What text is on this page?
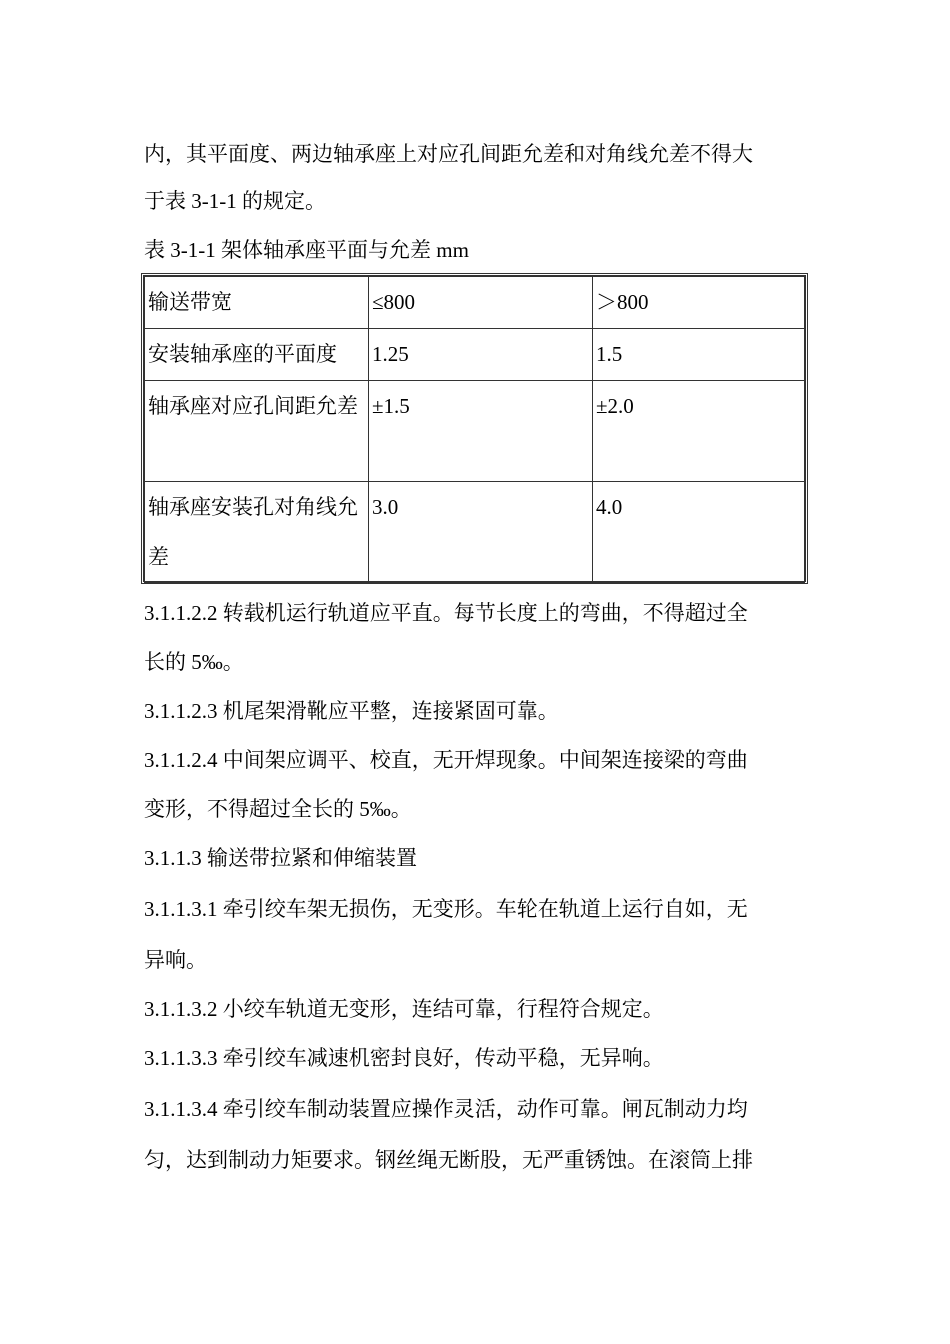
内，其平面度、两边轴承座上对应孔间距允差和对角线允差不得大

于表 3-1-1 的规定。

表 3-1-1 架体轴承座平面与允差 mm
输送带宽	≤800	＞800
安装轴承座的平面度	1.25	1.5

轴承座对应孔间距允差	±1.5	±2.0

轴承座安装孔对角线允差	3.0	4.0

3.1.1.2.2 转载机运行轨道应平直。每节长度上的弯曲，不得超过全

长的 5‰。

3.1.1.2.3 机尾架滑靴应平整，连接紧固可靠。

3.1.1.2.4 中间架应调平、校直，无开焊现象。中间架连接梁的弯曲

变形，不得超过全长的 5‰。

3.1.1.3 输送带拉紧和伸缩装置

3.1.1.3.1 牵引绞车架无损伤，无变形。车轮在轨道上运行自如，无

异响。

3.1.1.3.2 小绞车轨道无变形，连结可靠，行程符合规定。

3.1.1.3.3 牵引绞车减速机密封良好，传动平稳，无异响。

3.1.1.3.4 牵引绞车制动装置应操作灵活，动作可靠。闸瓦制动力均

匀，达到制动力矩要求。钢丝绳无断股，无严重锈蚀。在滚筒上排
